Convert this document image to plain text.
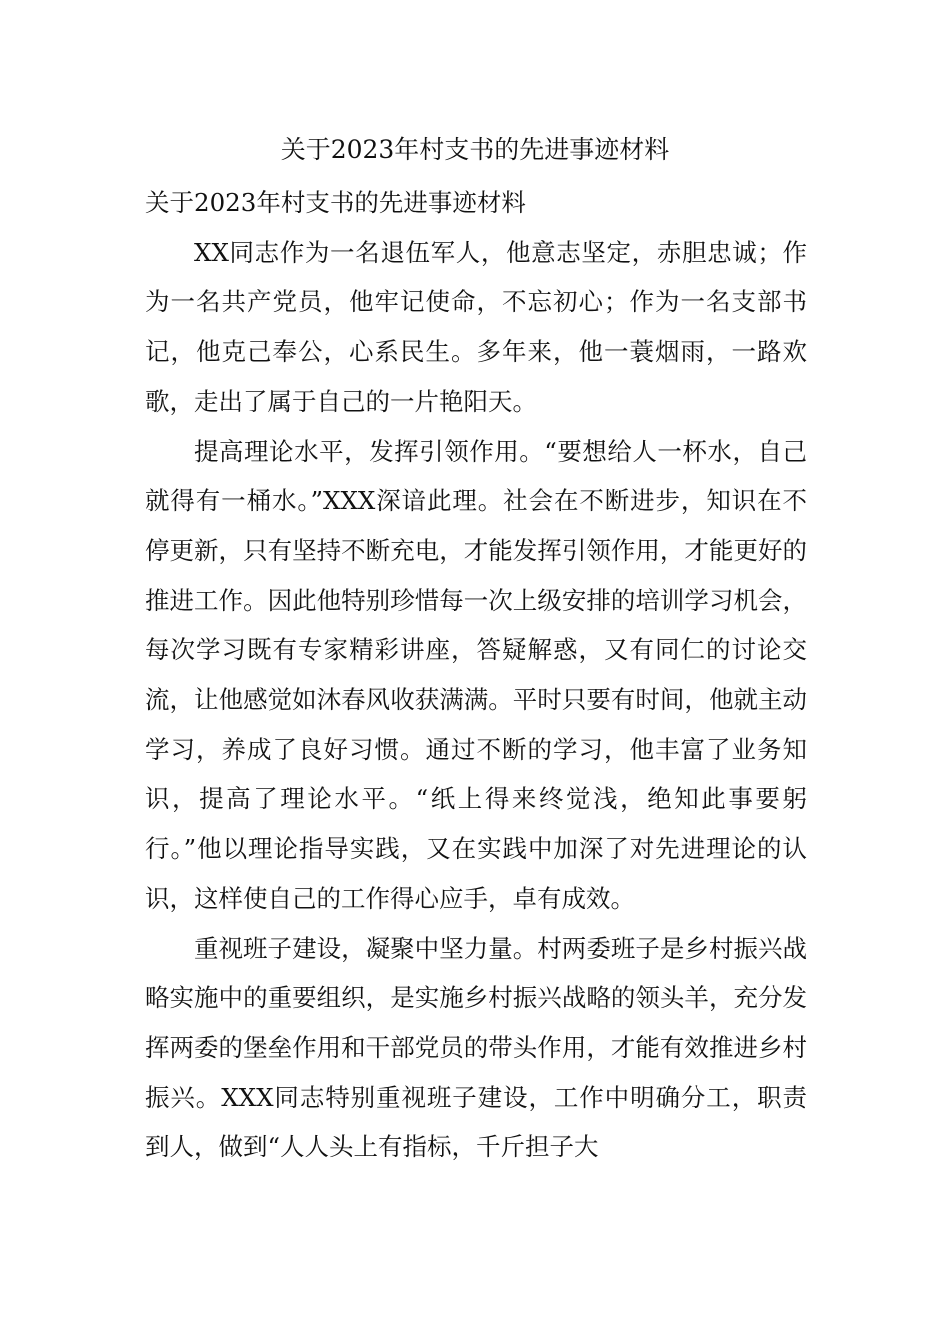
关于2023年村支书的先进事迹材料
关于2023年村支书的先进事迹材料

XX同志作为一名退伍军人，他意志坚定，赤胆忠诚；作为一名共产党员，他牢记使命，不忘初心；作为一名支部书记，他克己奉公，心系民生。多年来，他一蓑烟雨，一路欢歌，走出了属于自己的一片艳阳天。

提高理论水平，发挥引领作用。“要想给人一杯水，自己就得有一桶水。”XXX深谙此理。社会在不断进步，知识在不停更新，只有坚持不断充电，才能发挥引领作用，才能更好的推进工作。因此他特别珍惜每一次上级安排的培训学习机会，每次学习既有专家精彩讲座，答疑解惑，又有同仁的讨论交流，让他感觉如沐春风收获满满。平时只要有时间，他就主动学习，养成了良好习惯。通过不断的学习，他丰富了业务知识，提高了理论水平。“纸上得来终觉浅，绝知此事要躬行。”他以理论指导实践，又在实践中加深了对先进理论的认识，这样使自己的工作得心应手，卓有成效。

重视班子建设，凝聚中坚力量。村两委班子是乡村振兴战略实施中的重要组织，是实施乡村振兴战略的领头羊，充分发挥两委的堡垒作用和干部党员的带头作用，才能有效推进乡村振兴。XXX同志特别重视班子建设，工作中明确分工，职责到人，做到“人人头上有指标，千斤担子大
